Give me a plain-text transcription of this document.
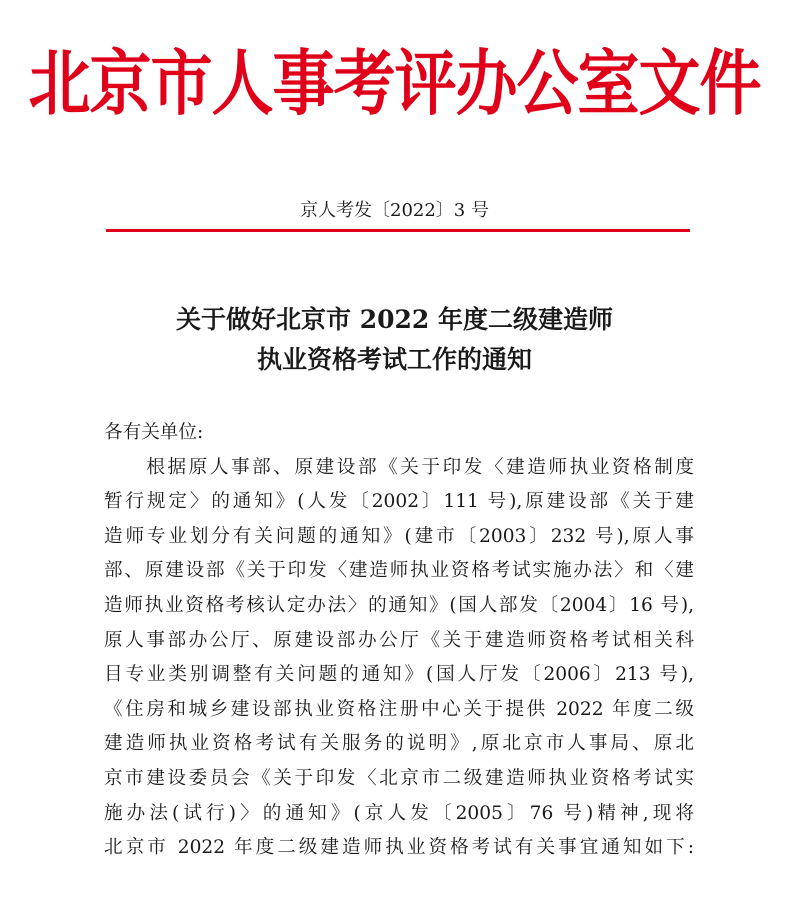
北京市人事考评办公室文件
京人考发〔2022〕3 号
关于做好北京市 2022 年度二级建造师
执业资格考试工作的通知
各有关单位:
　　根据原人事部、原建设部《关于印发〈建造师执业资格制度
暂行规定〉的通知》(人发〔2002〕111 号),原建设部《关于建
造师专业划分有关问题的通知》(建市〔2003〕232 号),原人事
部、原建设部《关于印发〈建造师执业资格考试实施办法〉和〈建
造师执业资格考核认定办法〉的通知》(国人部发〔2004〕16 号),
原人事部办公厅、原建设部办公厅《关于建造师资格考试相关科
目专业类别调整有关问题的通知》(国人厅发〔2006〕213 号),
《住房和城乡建设部执业资格注册中心关于提供 2022 年度二级
建造师执业资格考试有关服务的说明》,原北京市人事局、原北
京市建设委员会《关于印发〈北京市二级建造师执业资格考试实
施办法(试行)〉的通知》(京人发〔2005〕76 号)精神,现将
北京市 2022 年度二级建造师执业资格考试有关事宜通知如下:
